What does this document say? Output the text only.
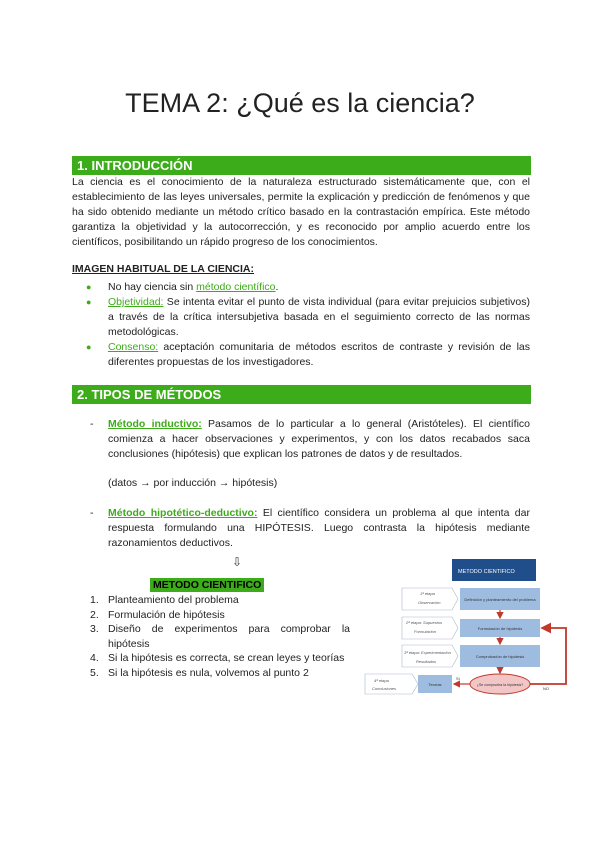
TEMA 2: ¿Qué es la ciencia?
1. INTRODUCCIÓN
La ciencia es el conocimiento de la naturaleza estructurado sistemáticamente que, con el establecimiento de las leyes universales, permite la explicación y predicción de fenómenos y que ha sido obtenido mediante un método crítico basado en la contrastación empírica. Este método garantiza la objetividad y la autocorrección, y es reconocido por amplio acuerdo entre los científicos, posibilitando un rápido progreso de los conocimientos.
IMAGEN HABITUAL DE LA CIENCIA:
● No hay ciencia sin método científico.
● Objetividad: Se intenta evitar el punto de vista individual (para evitar prejuicios subjetivos) a través de la crítica intersubjetiva basada en el seguimiento correcto de las normas metodológicas.
● Consenso: aceptación comunitaria de métodos escritos de contraste y revisión de las diferentes propuestas de los investigadores.
2. TIPOS DE MÉTODOS
- Método inductivo: Pasamos de lo particular a lo general (Aristóteles). El científico comienza a hacer observaciones y experimentos, y con los datos recabados saca conclusiones (hipótesis) que explican los patrones de datos y de resultados.
(datos → por inducción → hipótesis)
- Método hipotético-deductivo: El científico considera un problema al que intenta dar respuesta formulando una HIPÓTESIS. Luego contrasta la hipótesis mediante razonamientos deductivos.
⇩
METODO CIENTIFICO
1. Planteamiento del problema
2. Formulación de hipótesis
3. Diseño de experimentos para comprobar la hipótesis
4. Si la hipótesis es correcta, se crean leyes y teorías
5. Si la hipótesis es nula, volvemos al punto 2
METODO CIENTIFICO
1ª etapa
Observación
2ª etapa: Supuestos
Formulación
3ª etapa: Experimentación
Resultados
4ª etapa
Conclusiones
Definición y planteamiento del problema
Formulación de hipótesis
Comprobación de hipótesis
Teorías	¿Se comprueba la hipótesis?
Sí
NO
